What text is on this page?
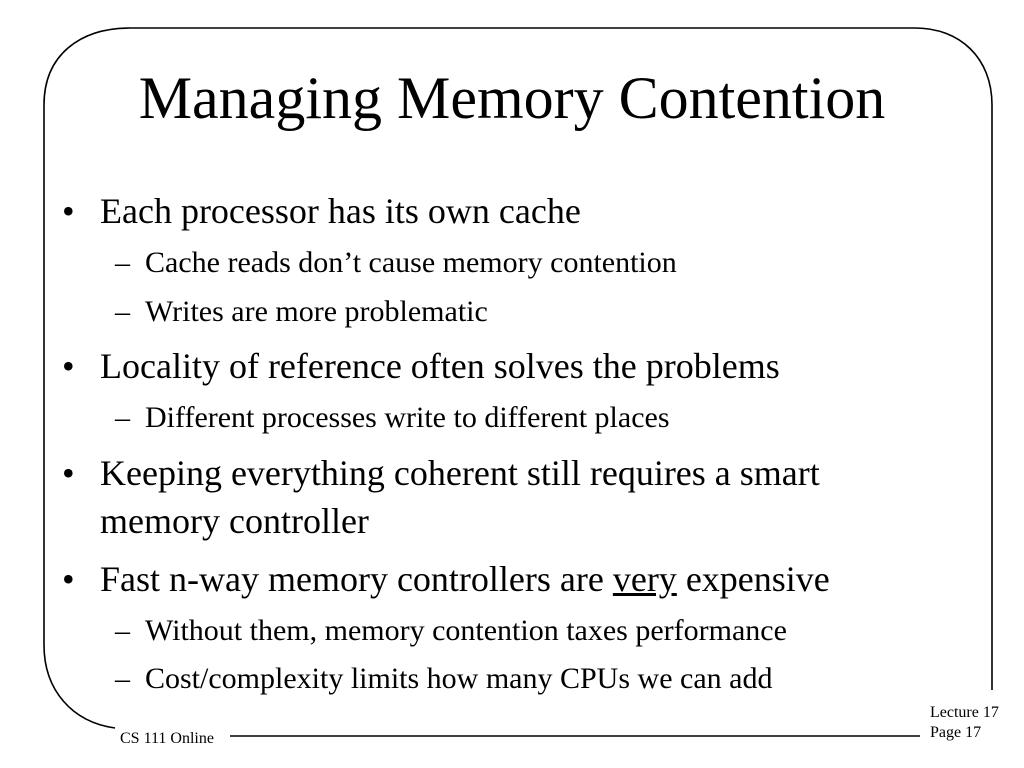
Managing Memory Contention
• Each processor has its own cache
– Cache reads don’t cause memory contention
– Writes are more problematic
• Locality of reference often solves the problems
– Different processes write to different places
• Keeping everything coherent still requires a smart
memory controller
• Fast n-way memory controllers are very expensive
– Without them, memory contention taxes performance
– Cost/complexity limits how many CPUs we can add
CS 111 Online
Lecture 17
Page 17
